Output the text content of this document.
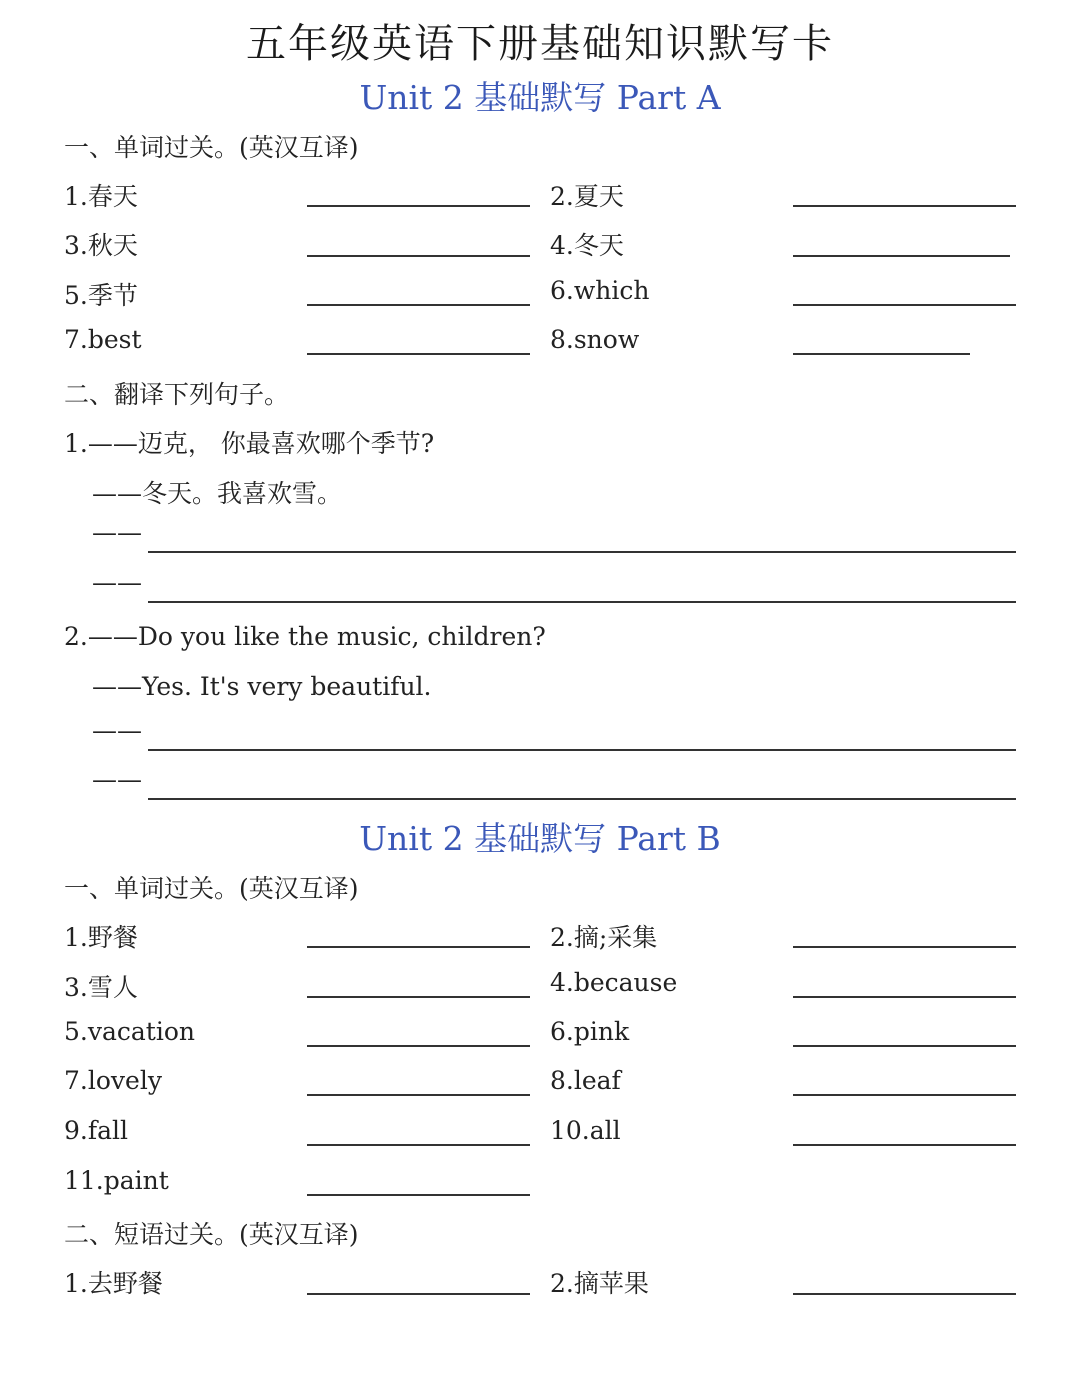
五年级英语下册基础知识默写卡
Unit 2 基础默写 Part A
一、单词过关。(英汉互译)
1.春天	2.夏天
3.秋天	4.冬天
5.季节	6.which
7.best	8.snow
二、翻译下列句子。
1.——迈克， 你最喜欢哪个季节?
——冬天。我喜欢雪。
——
——
2.——Do you like the music, children?
——Yes. It's very beautiful.
——
——
Unit 2 基础默写 Part B
一、单词过关。(英汉互译)
1.野餐	2.摘;采集
3.雪人	4.because
5.vacation	6.pink
7.lovely	8.leaf
9.fall	10.all
11.paint
二、短语过关。(英汉互译)
1.去野餐	2.摘苹果
